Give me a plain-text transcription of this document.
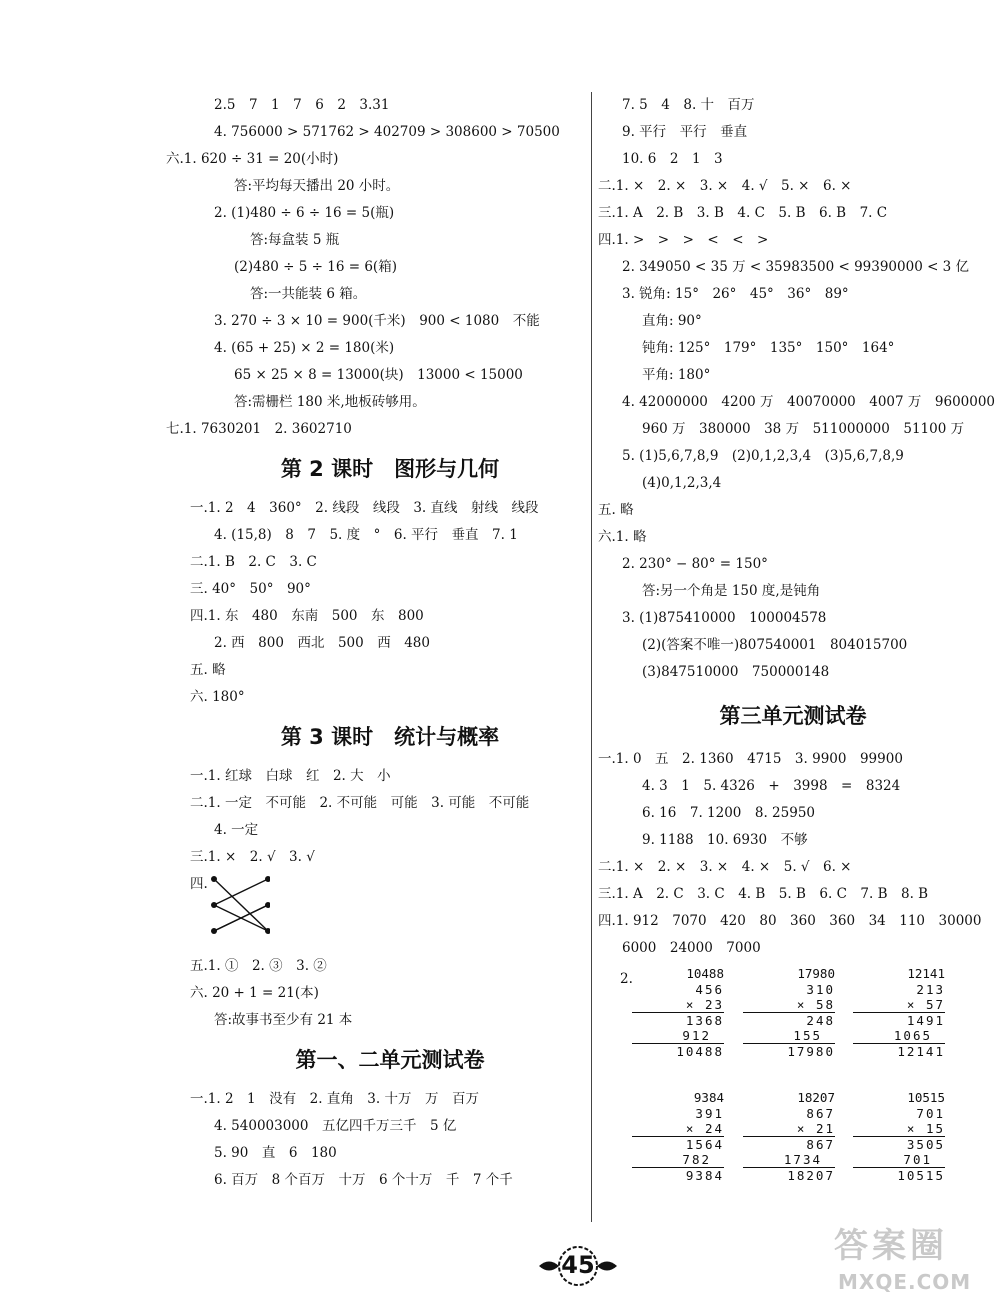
2.5　7　1　7　6　2　3.31
4. 756000 > 571762 > 402709 > 308600 > 70500
六.1. 620 ÷ 31 = 20(小时)
答:平均每天播出 20 小时。
2. (1)480 ÷ 6 ÷ 16 = 5(瓶)
答:每盒装 5 瓶
(2)480 ÷ 5 ÷ 16 = 6(箱)
答:一共能装 6 箱。
3. 270 ÷ 3 × 10 = 900(千米)　900 < 1080　不能
4. (65 + 25) × 2 = 180(米)
65 × 25 × 8 = 13000(块)　13000 < 15000
答:需栅栏 180 米,地板砖够用。
七.1. 7630201　2. 3602710
第 2 课时　图形与几何
一.1. 2　4　360°　2. 线段　线段　3. 直线　射线　线段
4. (15,8)　8　7　5. 度　°　6. 平行　垂直　7. 1
二.1. B　2. C　3. C
三. 40°　50°　90°
四.1. 东　480　东南　500　东　800
2. 西　800　西北　500　西　480
五. 略
六. 180°
第 3 课时　统计与概率
一.1. 红球　白球　红　2. 大　小
二.1. 一定　不可能　2. 不可能　可能　3. 可能　不可能
4. 一定
三.1. ×　2. √　3. √
四.
五.1. ①　2. ③　3. ②
六. 20 + 1 = 21(本)
答:故事书至少有 21 本
第一、二单元测试卷
一.1. 2　1　没有　2. 直角　3. 十万　万　百万
4. 540003000　五亿四千万三千　5 亿
5. 90　直　6　180
6. 百万　8 个百万　十万　6 个十万　千　7 个千
7. 5　4　8. 十　百万
9. 平行　平行　垂直
10. 6　2　1　3
二.1. ×　2. ×　3. ×　4. √　5. ×　6. ×
三.1. A　2. B　3. B　4. C　5. B　6. B　7. C
四.1. >　>　>　<　<　>
2. 349050 < 35 万 < 35983500 < 99390000 < 3 亿
3. 锐角: 15°　26°　45°　36°　89°
直角: 90°
钝角: 125°　179°　135°　150°　164°
平角: 180°
4. 42000000　4200 万　40070000　4007 万　9600000
960 万　380000　38 万　511000000　51100 万
5. (1)5,6,7,8,9　(2)0,1,2,3,4　(3)5,6,7,8,9
(4)0,1,2,3,4
五. 略
六.1. 略
2. 230° − 80° = 150°
答:另一个角是 150 度,是钝角
3. (1)875410000　100004578
(2)(答案不唯一)807540001　804015700
(3)847510000　750000148
第三单元测试卷
一.1. 0　五　2. 1360　4715　3. 9900　99900
4. 3　1　5. 4326　+　3998　=　8324
6. 16　7. 1200　8. 25950
9. 1188　10. 6930　不够
二.1. ×　2. ×　3. ×　4. ×　5. √　6. ×
三.1. A　2. C　3. C　4. B　5. B　6. C　7. B　8. B
四.1. 912　7070　420　80　360　360　34　110　30000
6000　24000　7000
2.	10488
456
× 23
1368
912
10488
17980
310
× 58
248
155
17980
12141
213
× 57
1491
1065
12141
9384
391
× 24
1564
782
9384
18207
867
× 21
867
1734
18207
10515
701
× 15
3505
701
10515
45	答案圈
MXQE.COM
